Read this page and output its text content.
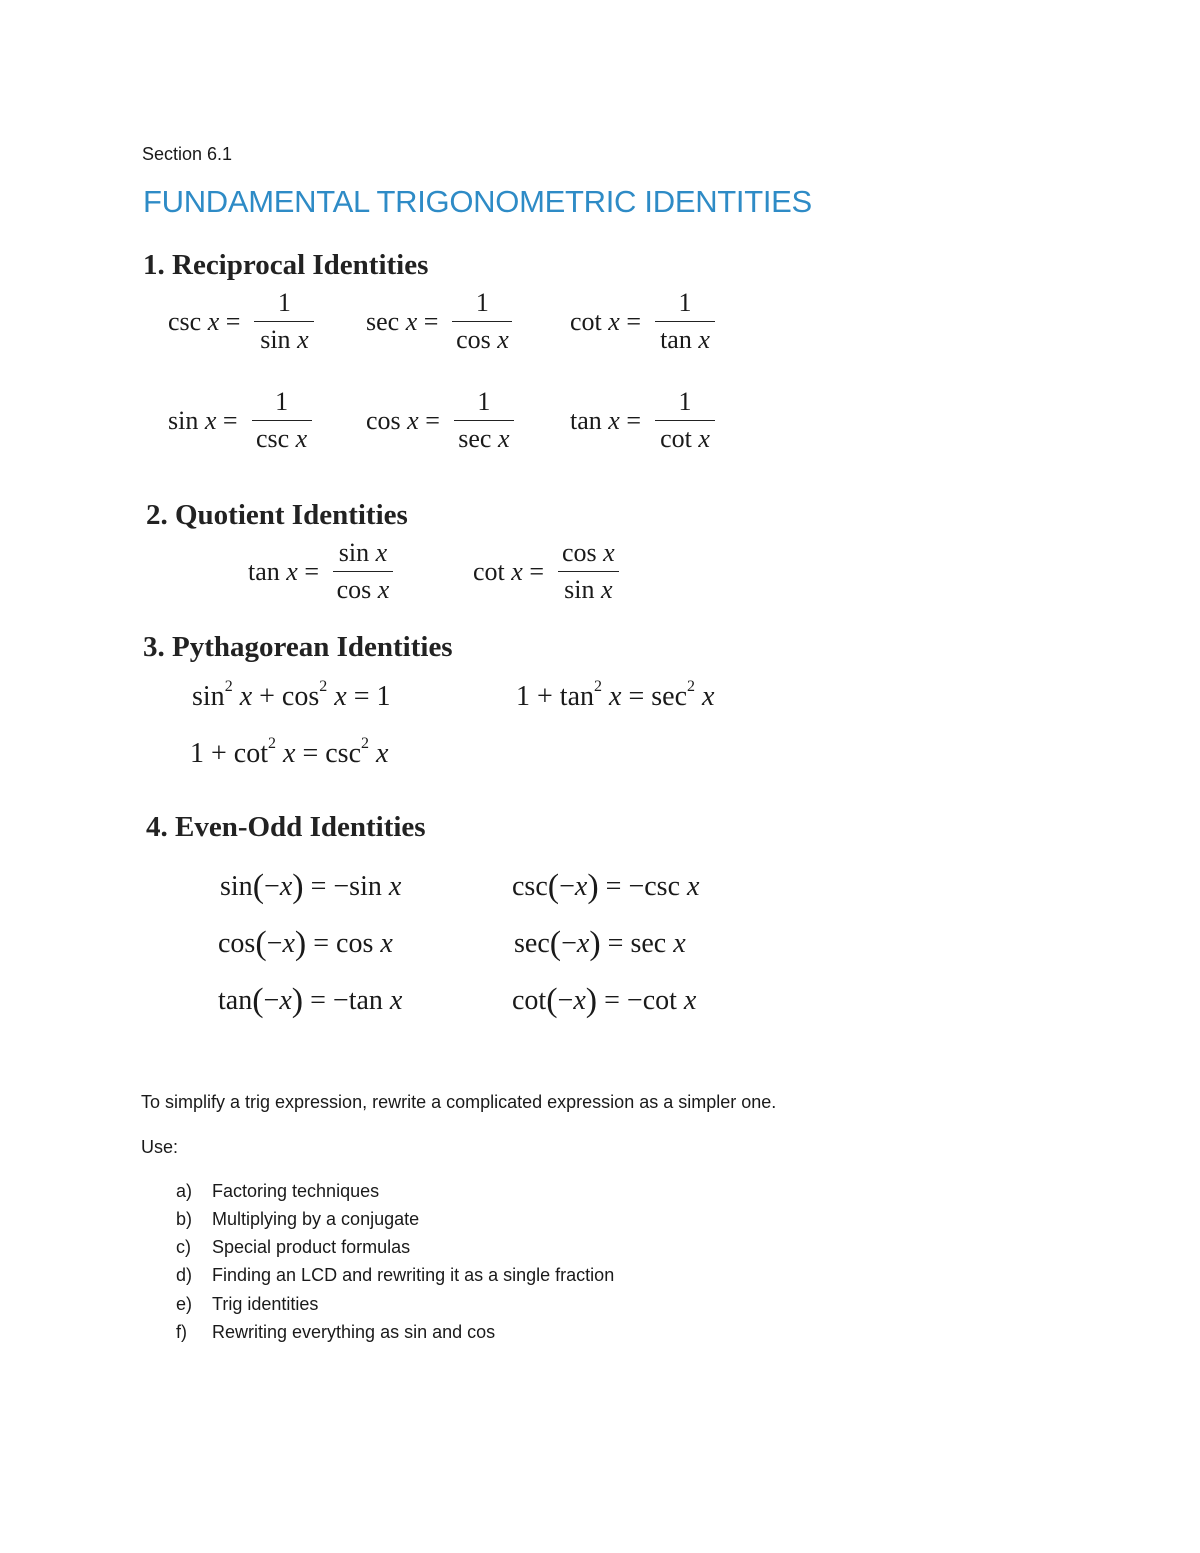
Section 6.1
FUNDAMENTAL TRIGONOMETRIC IDENTITIES
1. Reciprocal Identities
$\csc x = \frac{1}{\text{sin x}}$ $\sec x = \frac{1}{\text{cos x}}$ $\cot x = \frac{1}{\text{tan x}}$
$\sin x = \frac{1}{\text{csc x}}$ $\cos x = \frac{1}{\text{sec x}}$ $\tan x = \frac{1}{\text{cot x}}$
2. Quotient Identities
$\tan x = \frac{\text{sin x}}{\text{cos x}}$	$\cot x = \frac{\text{cos x}}{\text{sin x}}$
3. Pythagorean Identities
$\sin^2 x + \cos^2 x = 1$	$1 + \tan^2 x = \sec^2 x$
$1 + \cot^2 x = \csc^2 x$
4. Even-Odd Identities
sin(−x) = −sin x	csc(−x) = −csc x
cos(−x) = cos x	sec(−x) = sec x
tan(−x) = −tan x	cot(−x) = −cot x
To simplify a trig expression, rewrite a complicated expression as a simpler one.
Use:
a) Factoring techniques
b) Multiplying by a conjugate
c) Special product formulas
d) Finding an LCD and rewriting it as a single fraction
e) Trig identities
f) Rewriting everything as sin and cos
